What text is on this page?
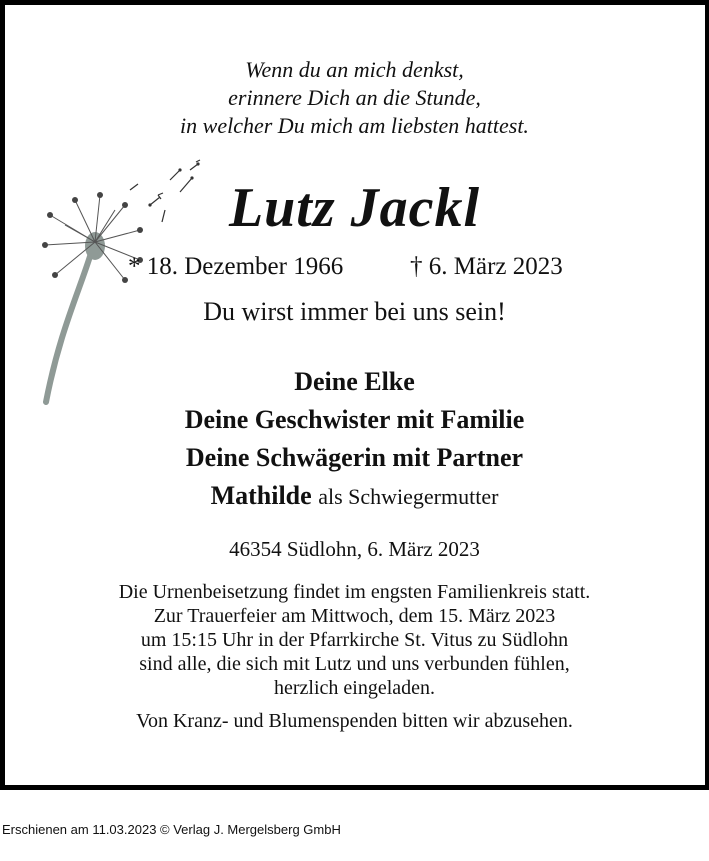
Wenn du an mich denkst,
erinnere Dich an die Stunde,
in welcher Du mich am liebsten hattest.
Lutz Jackl
* 18. Dezember 1966	† 6. März 2023
Du wirst immer bei uns sein!
Deine Elke
Deine Geschwister mit Familie
Deine Schwägerin mit Partner
Mathilde als Schwiegermutter
46354 Südlohn, 6. März 2023
Die Urnenbeisetzung findet im engsten Familienkreis statt.
Zur Trauerfeier am Mittwoch, dem 15. März 2023
um 15:15 Uhr in der Pfarrkirche St. Vitus zu Südlohn
sind alle, die sich mit Lutz und uns verbunden fühlen,
herzlich eingeladen.
Von Kranz- und Blumenspenden bitten wir abzusehen.
Erschienen am 11.03.2023 © Verlag J. Mergelsberg GmbH
